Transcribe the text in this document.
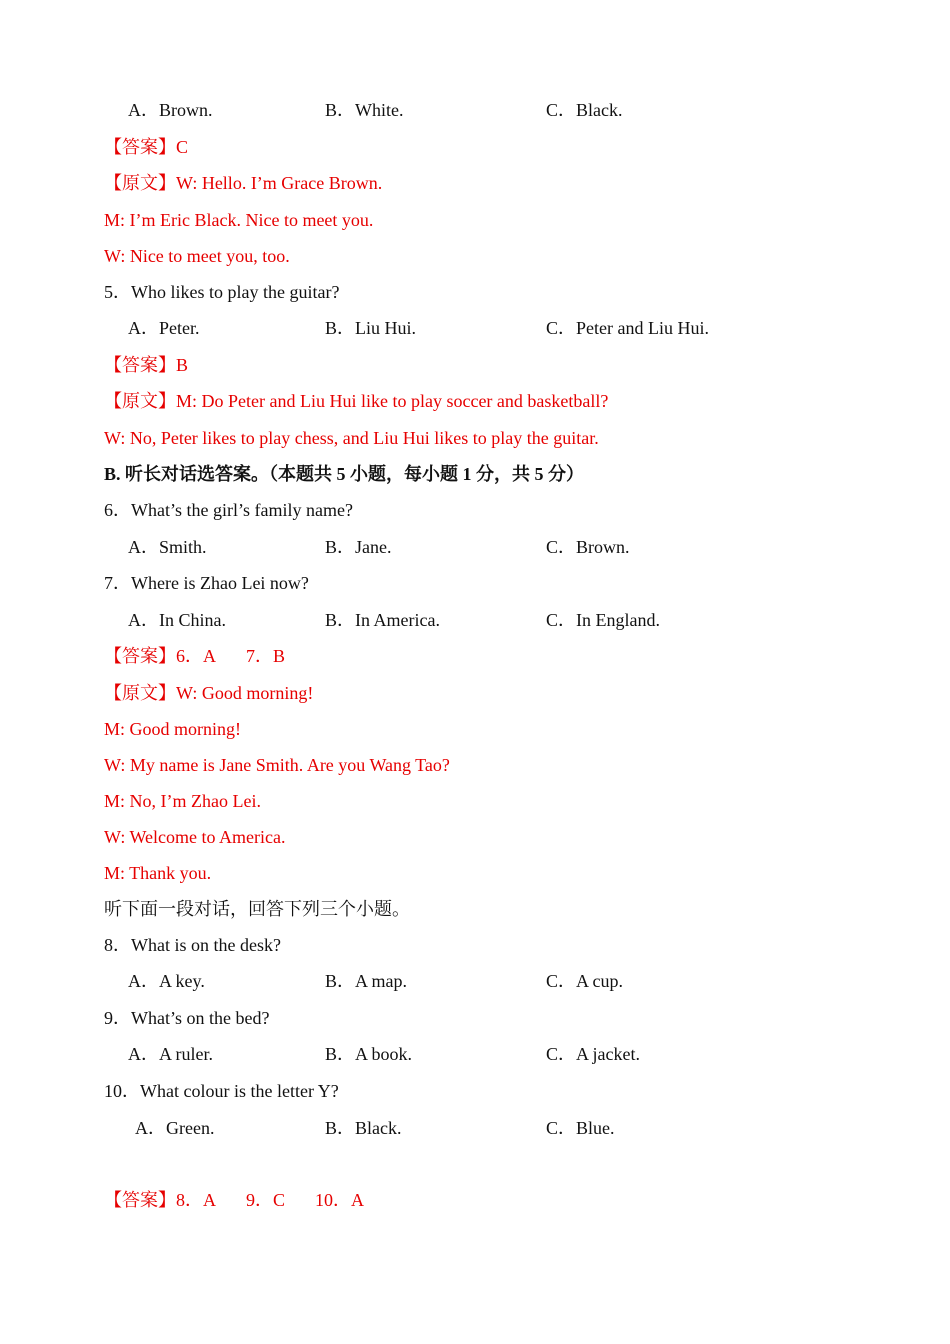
A．Brown.	B．White.	C．Black.
【答案】C
【原文】W: Hello. I’m Grace Brown.
M: I’m Eric Black. Nice to meet you.
W: Nice to meet you, too.
5．Who likes to play the guitar?
A．Peter.	B．Liu Hui.	C．Peter and Liu Hui.
【答案】B
【原文】M: Do Peter and Liu Hui like to play soccer and basketball?
W: No, Peter likes to play chess, and Liu Hui likes to play the guitar.
B. 听长对话选答案。（本题共 5 小题，每小题 1 分，共 5 分）
6．What’s the girl’s family name?
A．Smith.	B．Jane.	C．Brown.
7．Where is Zhao Lei now?
A．In China.	B．In America.	C．In England.
【答案】6．A 7．B
【原文】W: Good morning!
M: Good morning!
W: My name is Jane Smith. Are you Wang Tao?
M: No, I’m Zhao Lei.
W: Welcome to America.
M: Thank you.
听下面一段对话，回答下列三个小题。
8．What is on the desk?
A．A key.	B．A map.	C．A cup.
9．What’s on the bed?
A．A ruler.	B．A book.	C．A jacket.
10．What colour is the letter Y?
A．Green.	B．Black.	C．Blue.
【答案】8．A 9．C 10．A
